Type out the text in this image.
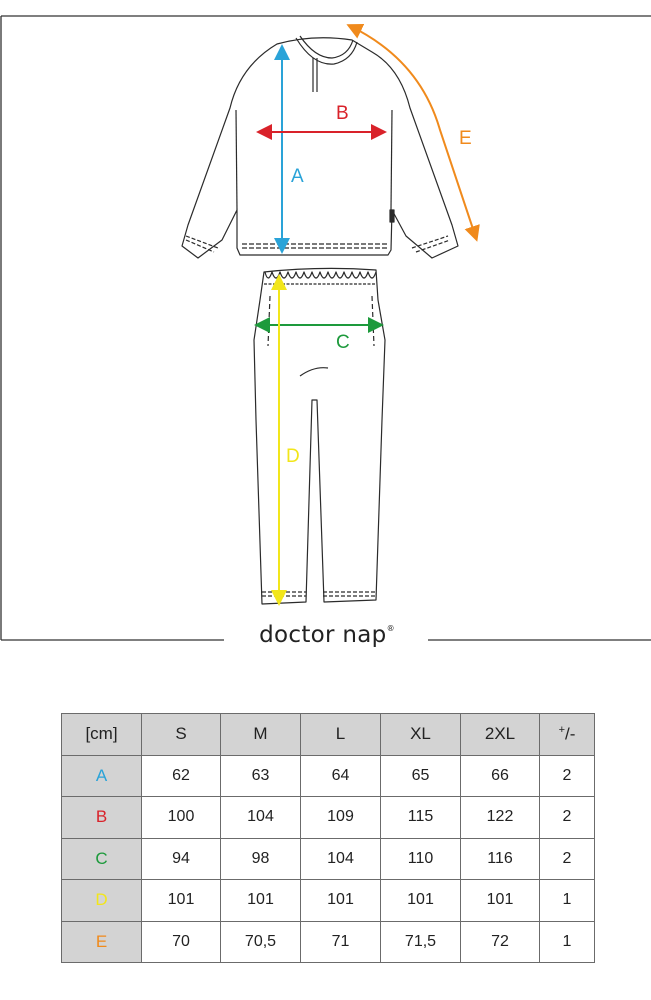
A
B
E
C
D
doctor nap®
[cm]	S	M	L	XL	2XL	+/-
A	62	63	64	65	66	2
B	100	104	109	115	122	2
C	94	98	104	110	116	2
D	101	101	101	101	101	1
E	70	70,5	71	71,5	72	1
